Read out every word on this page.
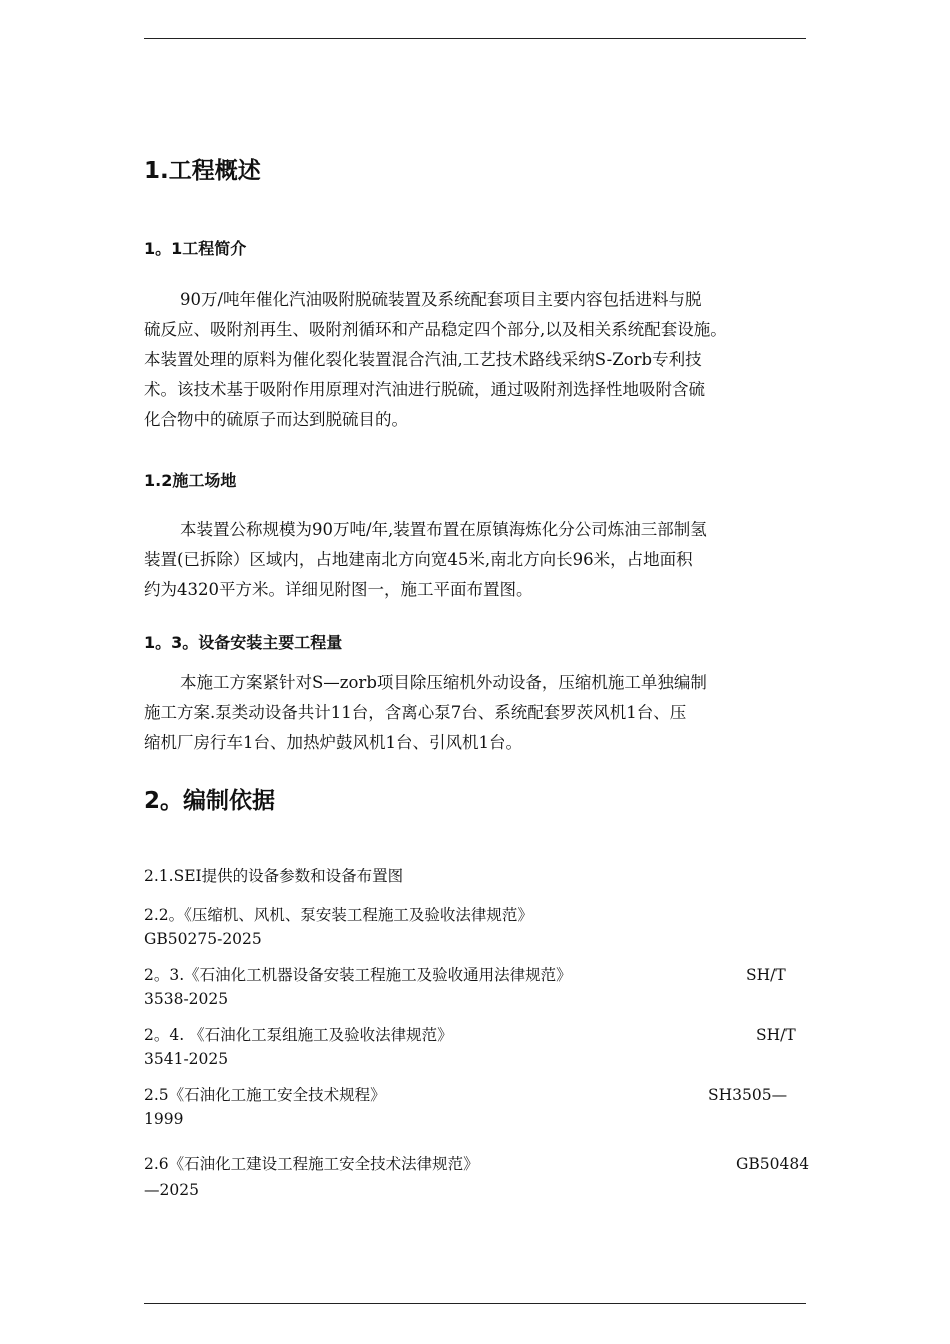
1.工程概述
1。1工程简介
90万/吨年催化汽油吸附脱硫装置及系统配套项目主要内容包括进料与脱
硫反应、吸附剂再生、吸附剂循环和产品稳定四个部分,以及相关系统配套设施。
本装置处理的原料为催化裂化装置混合汽油,工艺技术路线采纳S-Zorb专利技
术。该技术基于吸附作用原理对汽油进行脱硫，通过吸附剂选择性地吸附含硫
化合物中的硫原子而达到脱硫目的。
1.2施工场地
本装置公称规模为90万吨/年,装置布置在原镇海炼化分公司炼油三部制氢
装置(已拆除）区域内，占地建南北方向宽45米,南北方向长96米，占地面积
约为4320平方米。详细见附图一，施工平面布置图。
1。3。设备安装主要工程量
本施工方案紧针对S—zorb项目除压缩机外动设备，压缩机施工单独编制
施工方案.泵类动设备共计11台，含离心泵7台、系统配套罗茨风机1台、压
缩机厂房行车1台、加热炉鼓风机1台、引风机1台。
2。编制依据
2.1.SEI提供的设备参数和设备布置图
2.2。《压缩机、风机、泵安装工程施工及验收法律规范》
GB50275-2025
2。3.《石油化工机器设备安装工程施工及验收通用法律规范》	SH/T
3538-2025
2。4. 《石油化工泵组施工及验收法律规范》	SH/T
3541-2025
2.5《石油化工施工安全技术规程》	SH3505—
1999
2.6《石油化工建设工程施工安全技术法律规范》	GB50484
—2025
